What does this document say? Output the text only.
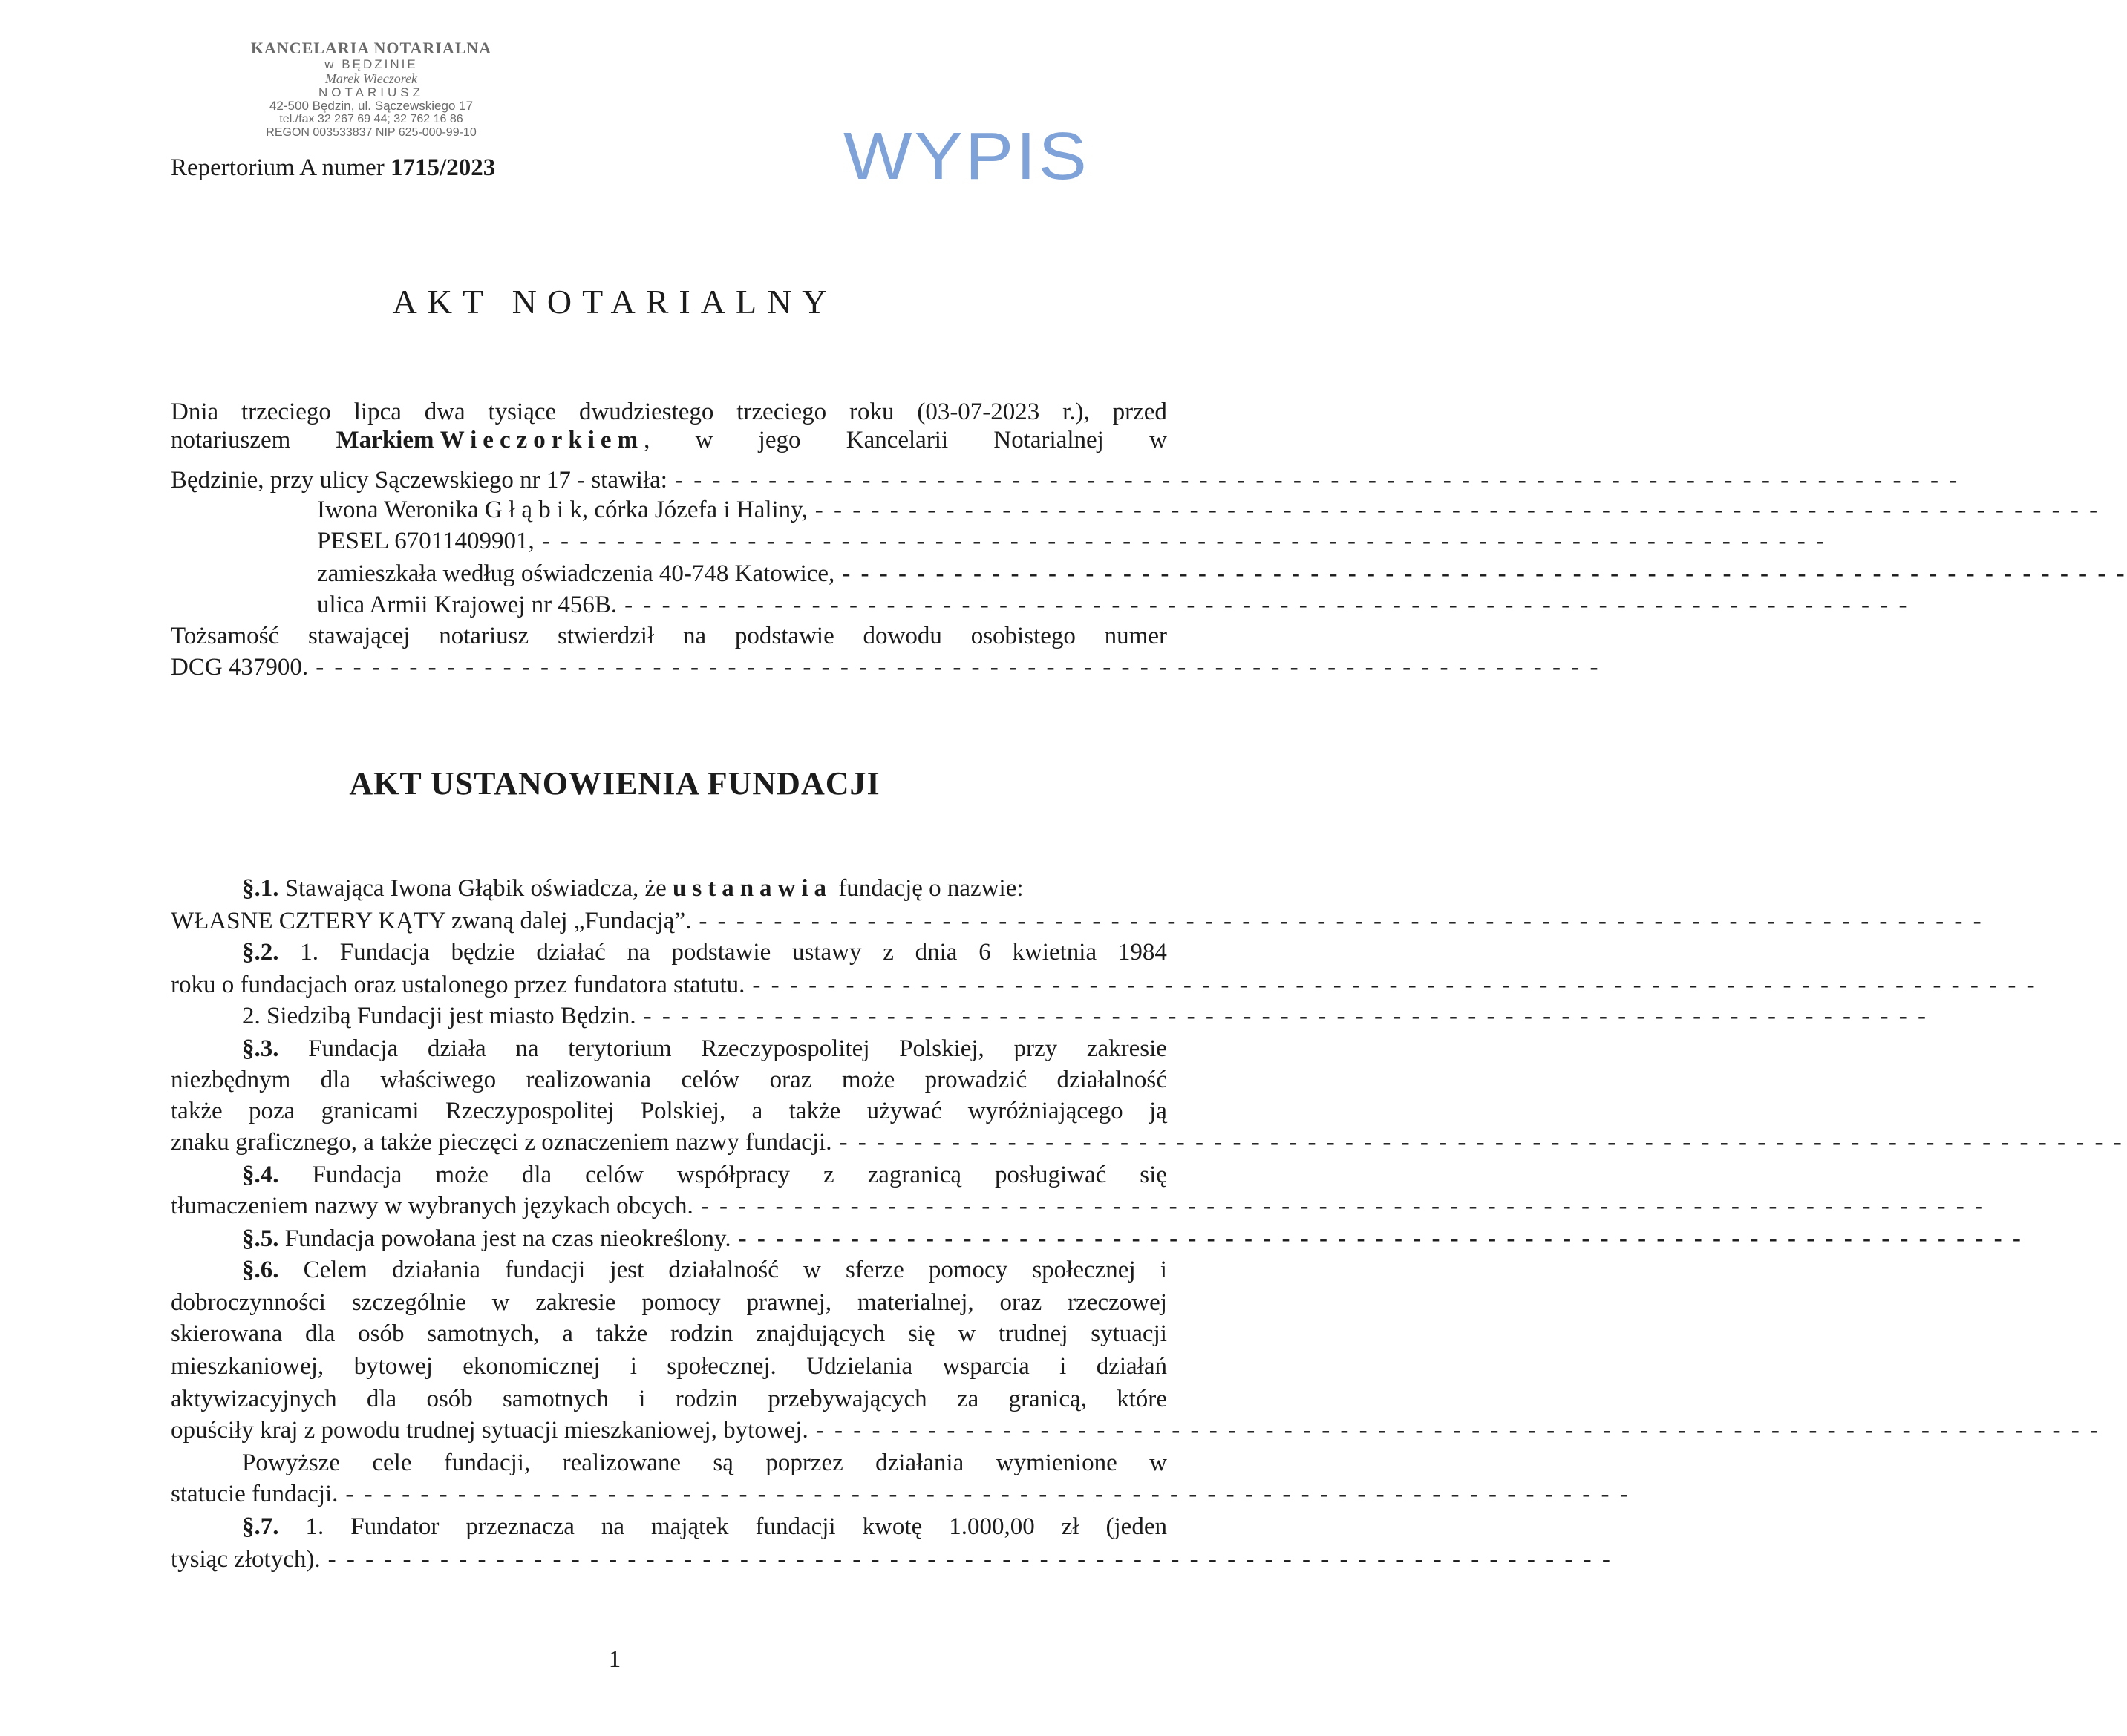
KANCELARIA NOTARIALNA
w BĘDZINIE
Marek Wieczorek
NOTARIUSZ
42-500 Będzin, ul. Sączewskiego 17
tel./fax 32 267 69 44; 32 762 16 86
REGON 003533837 NIP 625-000-99-10
Repertorium A numer 1715/2023	WYPIS
AKT NOTARIALNY
Dnia trzeciego lipca dwa tysiące dwudziestego trzeciego roku (03-07-2023 r.), przed
notariuszem Markiem Wieczorkiem, w jego Kancelarii Notarialnej w
Będzinie, przy ulicy Sączewskiego nr 17 - stawiła: - - - - - - - - - - - - - - - - - - - - - - - - - - - - - - - - - - - - - - - - - - - - - - - - - - - - - - - - - - - - - - - - - - - - -
Iwona Weronika G ł ą b i k, córka Józefa i Haliny, - - - - - - - - - - - - - - - - - - - - - - - - - - - - - - - - - - - - - - - - - - - - - - - - - - - - - - - - - - - - - - - - - - - - -
PESEL 67011409901, - - - - - - - - - - - - - - - - - - - - - - - - - - - - - - - - - - - - - - - - - - - - - - - - - - - - - - - - - - - - - - - - - - - - -
zamieszkała według oświadczenia 40-748 Katowice, - - - - - - - - - - - - - - - - - - - - - - - - - - - - - - - - - - - - - - - - - - - - - - - - - - - - - - - - - - - - - - - - - - - - -
ulica Armii Krajowej nr 456B. - - - - - - - - - - - - - - - - - - - - - - - - - - - - - - - - - - - - - - - - - - - - - - - - - - - - - - - - - - - - - - - - - - - - -
Tożsamość stawającej notariusz stwierdził na podstawie dowodu osobistego numer
DCG 437900. - - - - - - - - - - - - - - - - - - - - - - - - - - - - - - - - - - - - - - - - - - - - - - - - - - - - - - - - - - - - - - - - - - - - -
AKT USTANOWIENIA FUNDACJI
§.1. Stawająca Iwona Głąbik oświadcza, że ustanawia fundację o nazwie:
WŁASNE CZTERY KĄTY zwaną dalej „Fundacją”. - - - - - - - - - - - - - - - - - - - - - - - - - - - - - - - - - - - - - - - - - - - - - - - - - - - - - - - - - - - - - - - - - - - - -
§.2. 1. Fundacja będzie działać na podstawie ustawy z dnia 6 kwietnia 1984
roku o fundacjach oraz ustalonego przez fundatora statutu. - - - - - - - - - - - - - - - - - - - - - - - - - - - - - - - - - - - - - - - - - - - - - - - - - - - - - - - - - - - - - - - - - - - - -
2. Siedzibą Fundacji jest miasto Będzin. - - - - - - - - - - - - - - - - - - - - - - - - - - - - - - - - - - - - - - - - - - - - - - - - - - - - - - - - - - - - - - - - - - - - -
§.3. Fundacja działa na terytorium Rzeczypospolitej Polskiej, przy zakresie
niezbędnym dla właściwego realizowania celów oraz może prowadzić działalność
także poza granicami Rzeczypospolitej Polskiej, a także używać wyróżniającego ją
znaku graficznego, a także pieczęci z oznaczeniem nazwy fundacji. - - - - - - - - - - - - - - - - - - - - - - - - - - - - - - - - - - - - - - - - - - - - - - - - - - - - - - - - - - - - - - - - - - - - -
§.4. Fundacja może dla celów współpracy z zagranicą posługiwać się
tłumaczeniem nazwy w wybranych językach obcych. - - - - - - - - - - - - - - - - - - - - - - - - - - - - - - - - - - - - - - - - - - - - - - - - - - - - - - - - - - - - - - - - - - - - -
§.5. Fundacja powołana jest na czas nieokreślony. - - - - - - - - - - - - - - - - - - - - - - - - - - - - - - - - - - - - - - - - - - - - - - - - - - - - - - - - - - - - - - - - - - - - -
§.6. Celem działania fundacji jest działalność w sferze pomocy społecznej i
dobroczynności szczególnie w zakresie pomocy prawnej, materialnej, oraz rzeczowej
skierowana dla osób samotnych, a także rodzin znajdujących się w trudnej sytuacji
mieszkaniowej, bytowej ekonomicznej i społecznej. Udzielania wsparcia i działań
aktywizacyjnych dla osób samotnych i rodzin przebywających za granicą, które
opuściły kraj z powodu trudnej sytuacji mieszkaniowej, bytowej. - - - - - - - - - - - - - - - - - - - - - - - - - - - - - - - - - - - - - - - - - - - - - - - - - - - - - - - - - - - - - - - - - - - - -
Powyższe cele fundacji, realizowane są poprzez działania wymienione w
statucie fundacji. - - - - - - - - - - - - - - - - - - - - - - - - - - - - - - - - - - - - - - - - - - - - - - - - - - - - - - - - - - - - - - - - - - - - -
§.7. 1. Fundator przeznacza na majątek fundacji kwotę 1.000,00 zł (jeden
tysiąc złotych). - - - - - - - - - - - - - - - - - - - - - - - - - - - - - - - - - - - - - - - - - - - - - - - - - - - - - - - - - - - - - - - - - - - - -
1
